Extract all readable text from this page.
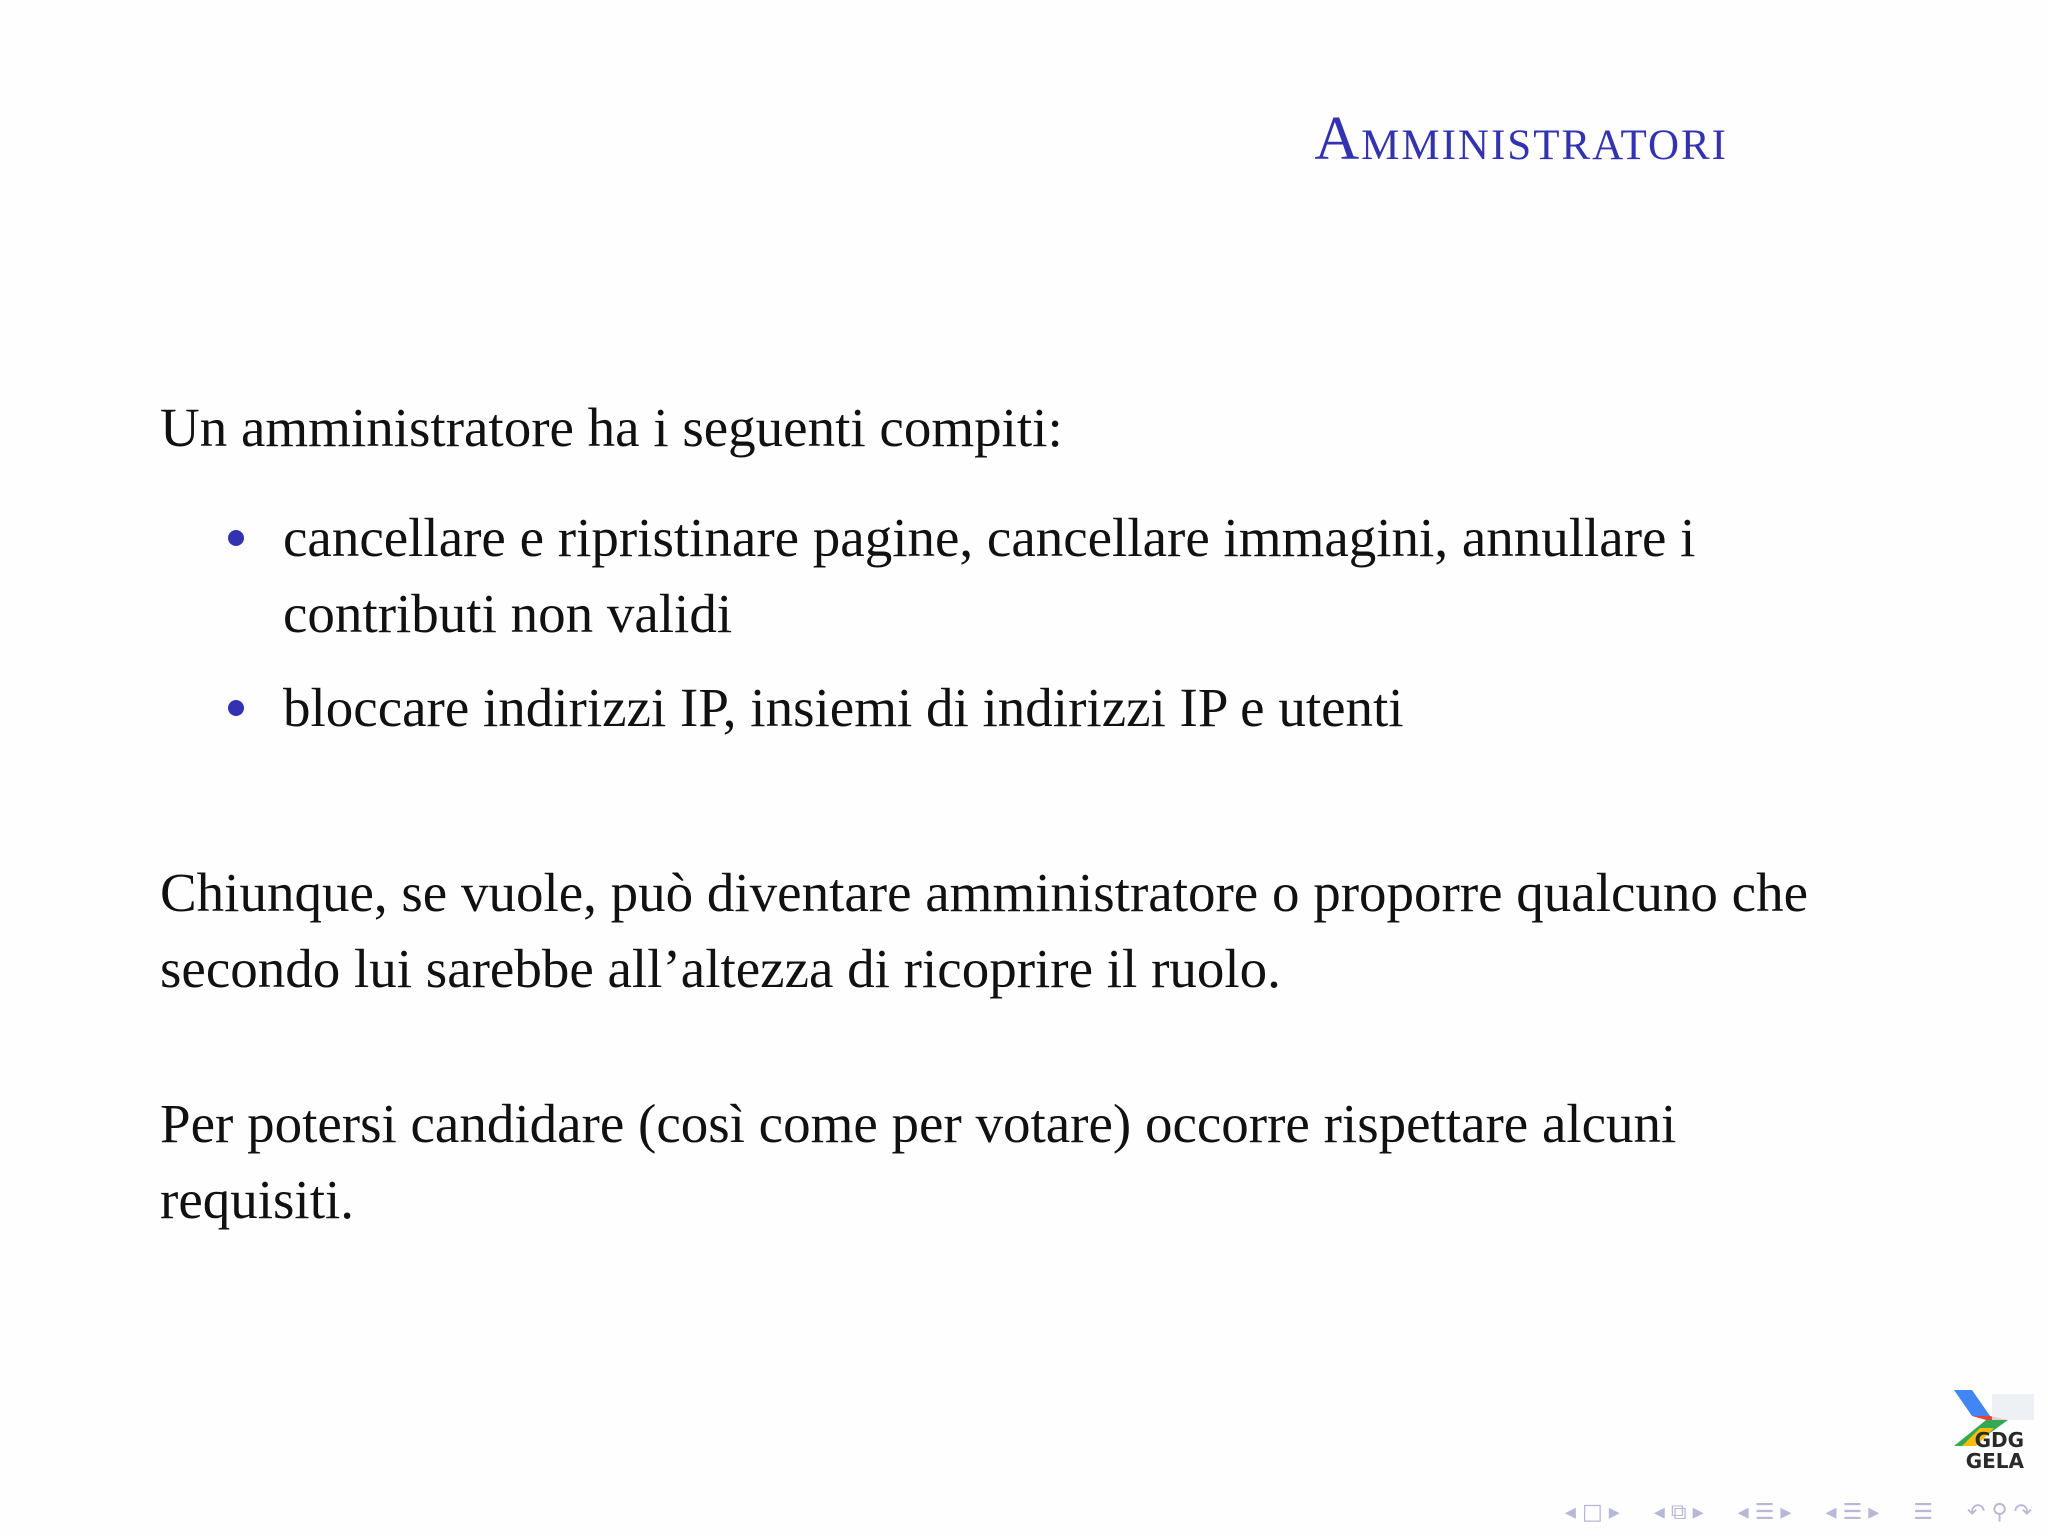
Amministratori

Un amministratore ha i seguenti compiti:

cancellare e ripristinare pagine, cancellare immagini, annullare i contributi non validi
bloccare indirizzi IP, insiemi di indirizzi IP e utenti

Chiunque, se vuole, può diventare amministratore o proporre qualcuno che secondo lui sarebbe all’altezza di ricoprire il ruolo.

Per potersi candidare (così come per votare) occorre rispettare alcuni requisiti.

GDG
GELA
◂ □ ▸ ◂ ⧉ ▸ ◂ ☰ ▸ ◂ ☰ ▸ ☰ ↶ ⚲ ↷
